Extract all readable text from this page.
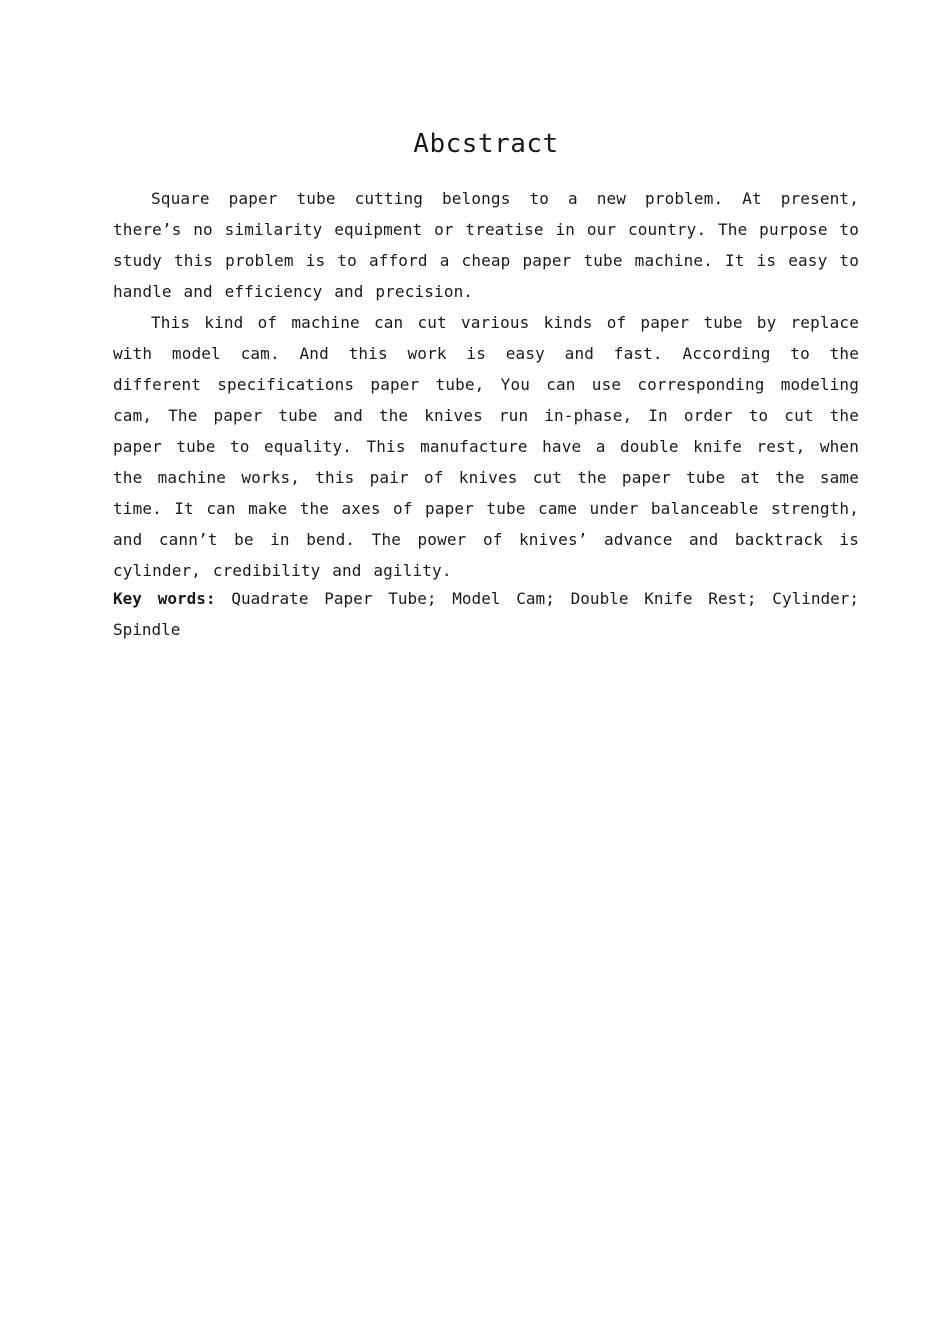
Abcstract

Square paper tube cutting belongs to a new problem. At present, there’s no similarity equipment or treatise in our country. The purpose to study this problem is to afford a cheap paper tube machine. It is easy to handle and efficiency and precision.

This kind of machine can cut various kinds of paper tube by replace with model cam. And this work is easy and fast. According to the different specifications paper tube, You can use corresponding modeling cam, The paper tube and the knives run in-phase, In order to cut the paper tube to equality. This manufacture have a double knife rest, when the machine works, this pair of knives cut the paper tube at the same time. It can make the axes of paper tube came under balanceable strength, and cann’t be in bend. The power of knives’ advance and backtrack is cylinder, credibility and agility.

Key words: Quadrate Paper Tube; Model Cam; Double Knife Rest; Cylinder; Spindle
